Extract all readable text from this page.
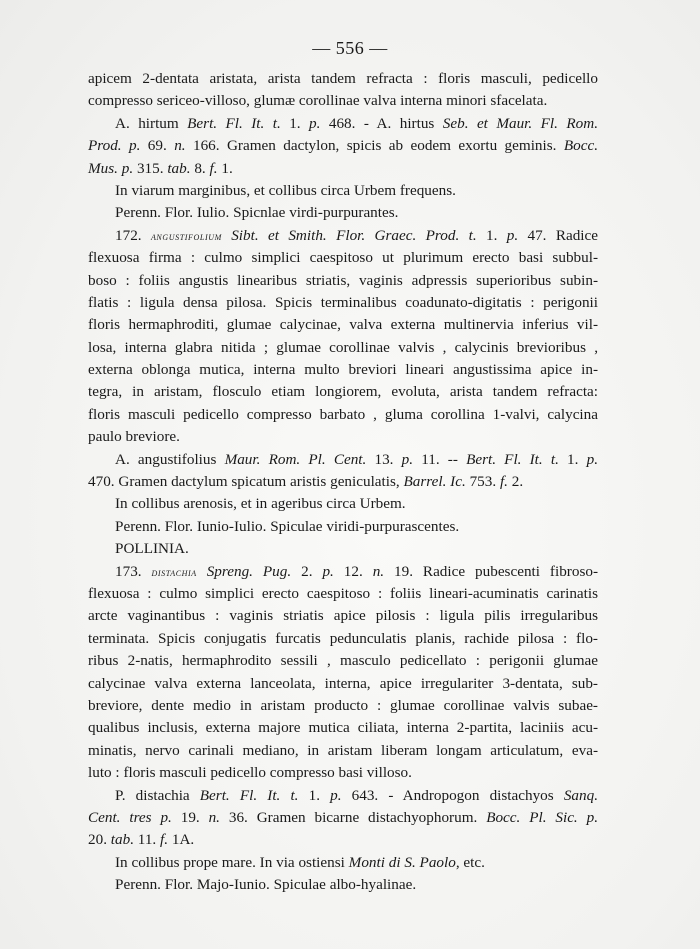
— 556 —
apicem 2-dentata aristata, arista tandem refracta : floris masculi, pedicello
compresso sericeo-villoso, glumæ corollinae valva interna minori sfacelata.
A. hirtum Bert. Fl. It. t. 1. p. 468. - A. hirtus Seb. et Maur. Fl. Rom.
Prod. p. 69. n. 166. Gramen dactylon, spicis ab eodem exortu geminis. Bocc.
Mus. p. 315. tab. 8. f. 1.
In viarum marginibus, et collibus circa Urbem frequens.
Perenn. Flor. Iulio. Spicnlae virdi-purpurantes.
172. angustifolium Sibt. et Smith. Flor. Graec. Prod. t. 1. p. 47. Radice
flexuosa firma : culmo simplici caespitoso ut plurimum erecto basi subbul-
boso : foliis angustis linearibus striatis, vaginis adpressis superioribus subin-
flatis : ligula densa pilosa. Spicis terminalibus coadunato-digitatis : perigonii
floris hermaphroditi, glumae calycinae, valva externa multinervia inferius vil-
losa, interna glabra nitida ; glumae corollinae valvis , calycinis brevioribus ,
externa oblonga mutica, interna multo breviori lineari angustissima apice in-
tegra, in aristam, flosculo etiam longiorem, evoluta, arista tandem refracta:
floris masculi pedicello compresso barbato , gluma corollina 1-valvi, calycina
paulo breviore.
A. angustifolius Maur. Rom. Pl. Cent. 13. p. 11. -- Bert. Fl. It. t. 1. p.
470. Gramen dactylum spicatum aristis geniculatis, Barrel. Ic. 753. f. 2.
In collibus arenosis, et in ageribus circa Urbem.
Perenn. Flor. Iunio-Iulio. Spiculae viridi-purpurascentes.
POLLINIA.
173. distachia Spreng. Pug. 2. p. 12. n. 19. Radice pubescenti fibroso-
flexuosa : culmo simplici erecto caespitoso : foliis lineari-acuminatis carinatis
arcte vaginantibus : vaginis striatis apice pilosis : ligula pilis irregularibus
terminata. Spicis conjugatis furcatis pedunculatis planis, rachide pilosa : flo-
ribus 2-natis, hermaphrodito sessili , masculo pedicellato : perigonii glumae
calycinae valva externa lanceolata, interna, apice irregulariter 3-dentata, sub-
breviore, dente medio in aristam producto : glumae corollinae valvis subae-
qualibus inclusis, externa majore mutica ciliata, interna 2-partita, laciniis acu-
minatis, nervo carinali mediano, in aristam liberam longam articulatum, eva-
luto : floris masculi pedicello compresso basi villoso.
P. distachia Bert. Fl. It. t. 1. p. 643. - Andropogon distachyos Sanq.
Cent. tres p. 19. n. 36. Gramen bicarne distachyophorum. Bocc. Pl. Sic. p.
20. tab. 11. f. 1A.
In collibus prope mare. In via ostiensi Monti di S. Paolo, etc.
Perenn. Flor. Majo-Iunio. Spiculae albo-hyalinae.
